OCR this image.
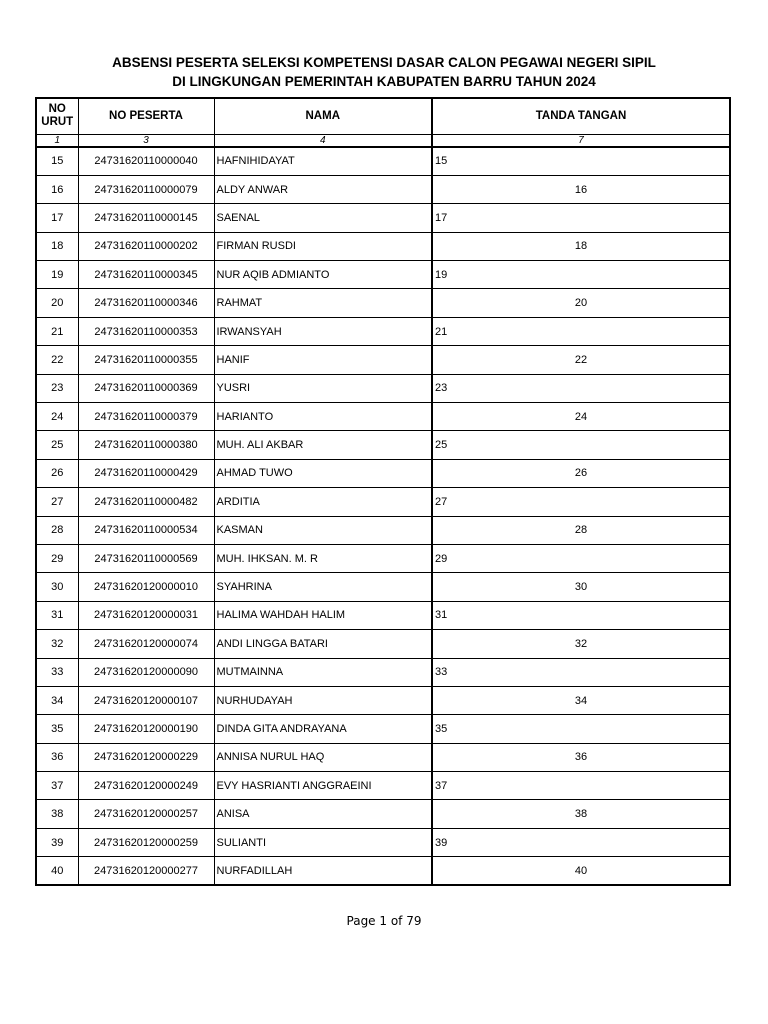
ABSENSI PESERTA SELEKSI KOMPETENSI DASAR CALON PEGAWAI NEGERI SIPIL
DI LINGKUNGAN PEMERINTAH KABUPATEN BARRU TAHUN 2024
NO
URUT	NO PESERTA	NAMA	TANDA TANGAN
1	3	4	7
15	24731620110000040	HAFNIHIDAYAT	15
16	24731620110000079	ALDY ANWAR	16
17	24731620110000145	SAENAL	17
18	24731620110000202	FIRMAN RUSDI	18
19	24731620110000345	NUR AQIB ADMIANTO	19
20	24731620110000346	RAHMAT	20
21	24731620110000353	IRWANSYAH	21
22	24731620110000355	HANIF	22
23	24731620110000369	YUSRI	23
24	24731620110000379	HARIANTO	24
25	24731620110000380	MUH. ALI AKBAR	25
26	24731620110000429	AHMAD TUWO	26
27	24731620110000482	ARDITIA	27
28	24731620110000534	KASMAN	28
29	24731620110000569	MUH. IHKSAN. M. R	29
30	24731620120000010	SYAHRINA	30
31	24731620120000031	HALIMA WAHDAH HALIM	31
32	24731620120000074	ANDI LINGGA BATARI	32
33	24731620120000090	MUTMAINNA	33
34	24731620120000107	NURHUDAYAH	34
35	24731620120000190	DINDA GITA ANDRAYANA	35
36	24731620120000229	ANNISA NURUL HAQ	36
37	24731620120000249	EVY HASRIANTI ANGGRAEINI	37
38	24731620120000257	ANISA	38
39	24731620120000259	SULIANTI	39
40	24731620120000277	NURFADILLAH	40
Page 1 of 79
